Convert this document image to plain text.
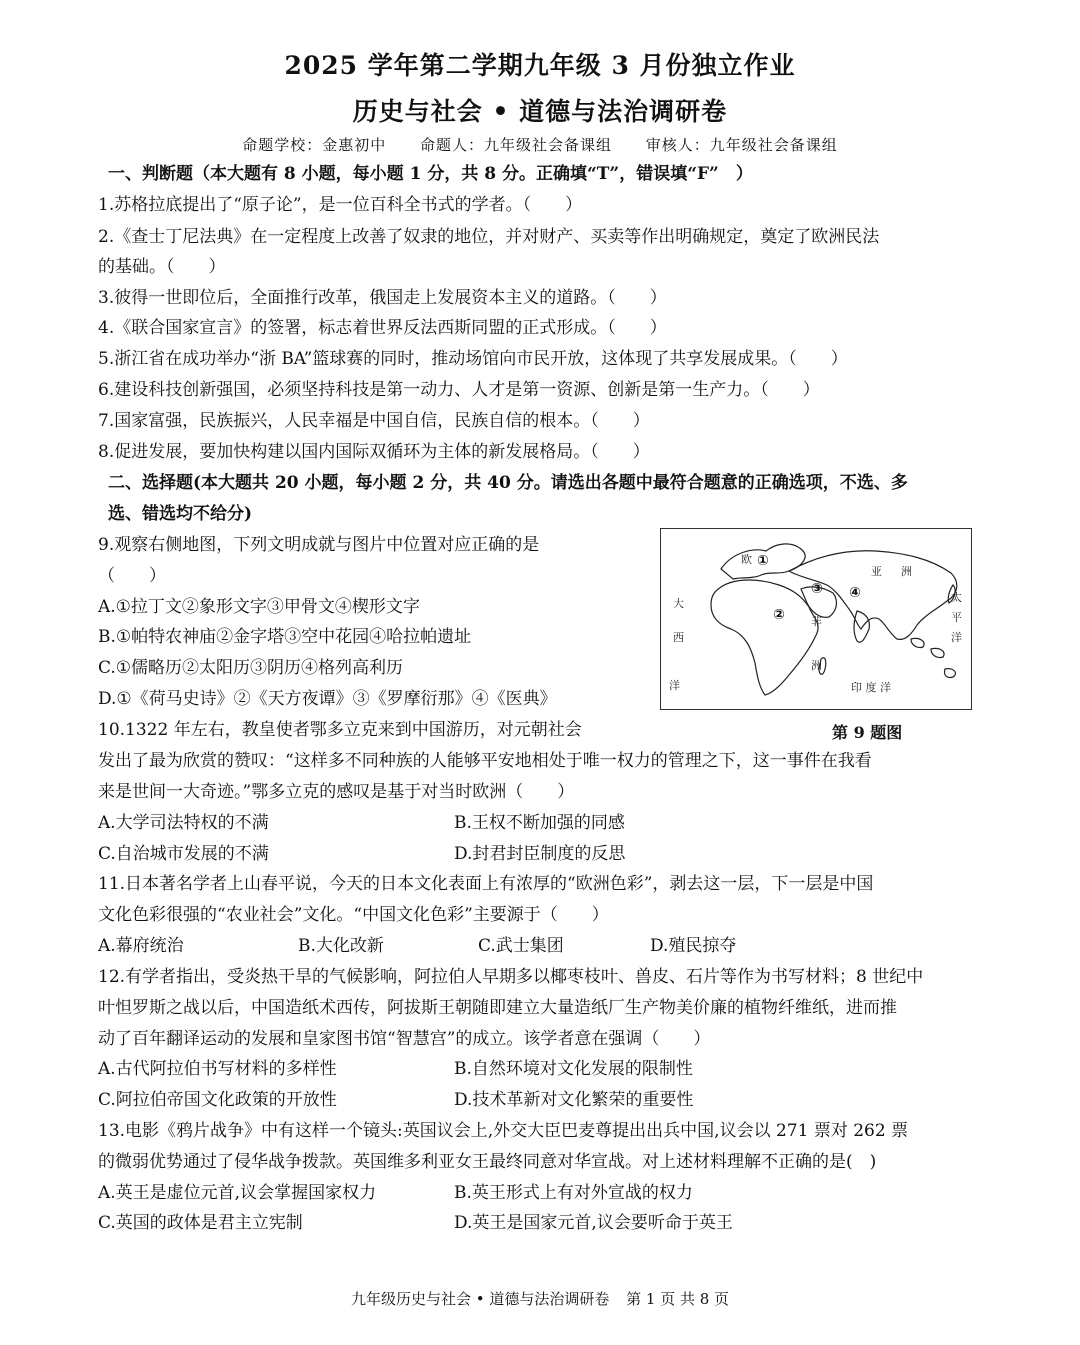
2025 学年第二学期九年级 3 月份独立作业
历史与社会 • 道德与法治调研卷
命题学校：金惠初中 命题人：九年级社会备课组 审核人：九年级社会备课组
一、判断题（本大题有 8 小题，每小题 1 分，共 8 分。正确填“T”，错误填“F”　）
1.苏格拉底提出了“原子论”，是一位百科全书式的学者。（　　）
2.《查士丁尼法典》在一定程度上改善了奴隶的地位，并对财产、买卖等作出明确规定，奠定了欧洲民法
的基础。（　　）
3.彼得一世即位后，全面推行改革，俄国走上发展资本主义的道路。（　　）
4.《联合国家宣言》的签署，标志着世界反法西斯同盟的正式形成。（　　）
5.浙江省在成功举办“浙 BA”篮球赛的同时，推动场馆向市民开放，这体现了共享发展成果。（　　）
6.建设科技创新强国，必须坚持科技是第一动力、人才是第一资源、创新是第一生产力。（　　）
7.国家富强，民族振兴，人民幸福是中国自信，民族自信的根本。（　　）
8.促进发展，要加快构建以国内国际双循环为主体的新发展格局。（　　）
二、选择题(本大题共 20 小题，每小题 2 分，共 40 分。请选出各题中最符合题意的正确选项，不选、多
选、错选均不给分)
9.观察右侧地图，下列文明成就与图片中位置对应正确的是
（　　）
A.①拉丁文②象形文字③甲骨文④楔形文字
B.①帕特农神庙②金字塔③空中花园④哈拉帕遗址
C.①儒略历②太阳历③阴历④格列高利历
D.①《荷马史诗》②《天方夜谭》③《罗摩衍那》④《医典》
欧
亚 洲
大
西
洋
非
洲
太
平
洋
印 度 洋
①
②
③ ④
第 9 题图
10.1322 年左右，教皇使者鄂多立克来到中国游历，对元朝社会
发出了最为欣赏的赞叹：“这样多不同种族的人能够平安地相处于唯一权力的管理之下，这一事件在我看
来是世间一大奇迹。”鄂多立克的感叹是基于对当时欧洲（　　）
A.大学司法特权的不满	B.王权不断加强的同感
C.自治城市发展的不满	D.封君封臣制度的反思
11.日本著名学者上山春平说，今天的日本文化表面上有浓厚的“欧洲色彩”，剥去这一层，下一层是中国
文化色彩很强的“农业社会”文化。“中国文化色彩”主要源于（　　）
A.幕府统治	B.大化改新	C.武士集团	D.殖民掠夺
12.有学者指出，受炎热干旱的气候影响，阿拉伯人早期多以椰枣枝叶、兽皮、石片等作为书写材料；8 世纪中
叶怛罗斯之战以后，中国造纸术西传，阿拔斯王朝随即建立大量造纸厂生产物美价廉的植物纤维纸，进而推
动了百年翻译运动的发展和皇家图书馆“智慧宫”的成立。该学者意在强调（　　）
A.古代阿拉伯书写材料的多样性	B.自然环境对文化发展的限制性
C.阿拉伯帝国文化政策的开放性	D.技术革新对文化繁荣的重要性
13.电影《鸦片战争》中有这样一个镜头:英国议会上,外交大臣巴麦尊提出出兵中国,议会以 271 票对 262 票
的微弱优势通过了侵华战争拨款。英国维多利亚女王最终同意对华宣战。对上述材料理解不正确的是(　)
A.英王是虚位元首,议会掌握国家权力	B.英王形式上有对外宣战的权力
C.英国的政体是君主立宪制	D.英王是国家元首,议会要听命于英王
九年级历史与社会 • 道德与法治调研卷 第 1 页 共 8 页
